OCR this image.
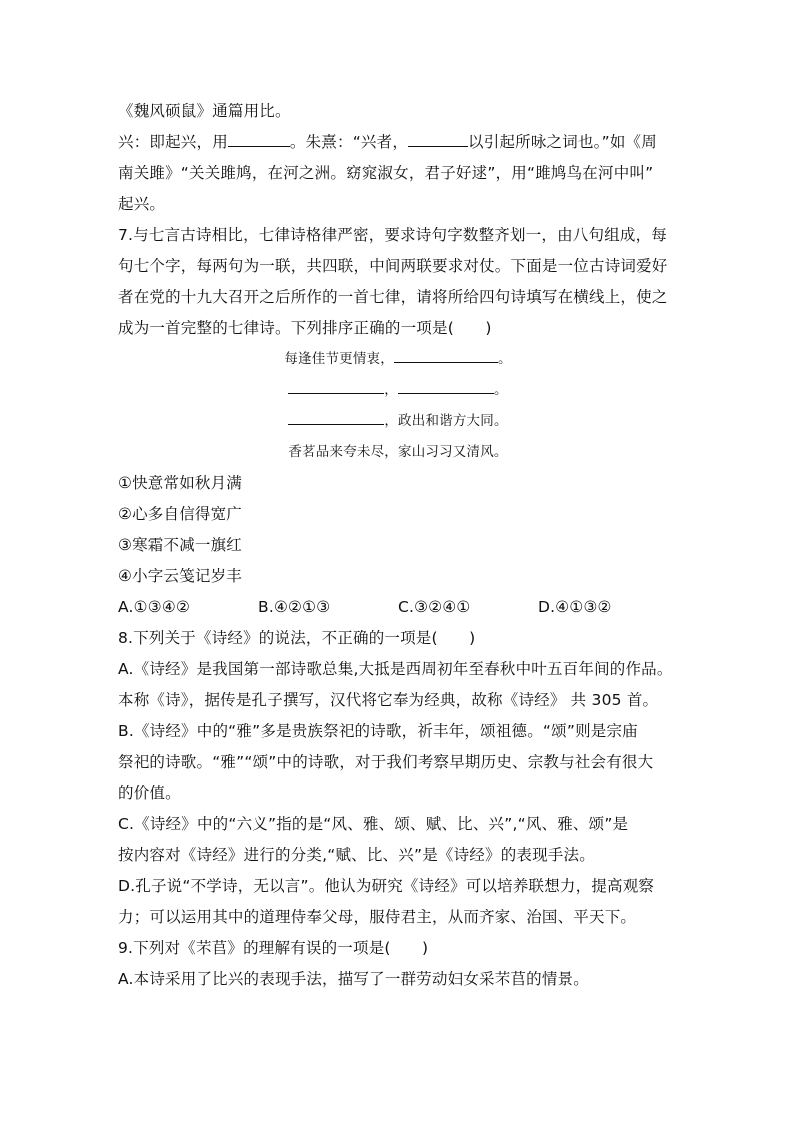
《魏风硕鼠》通篇用比。
兴：即起兴，用	。朱熹：“兴者，	以引起所咏之词也。”如《周
南关雎》“关关雎鸠，在河之洲。窈窕淑女，君子好逑”，用“雎鸠鸟在河中叫”
起兴。
7.与七言古诗相比，七律诗格律严密，要求诗句字数整齐划一，由八句组成，每
句七个字，每两句为一联，共四联，中间两联要求对仗。下面是一位古诗词爱好
者在党的十九大召开之后所作的一首七律，请将所给四句诗填写在横线上，使之
成为一首完整的七律诗。下列排序正确的一项是(　　)
每逢佳节更情衷，	。
，	。
，政出和谐方大同。
香茗品来夸未尽，家山习习又清风。
①快意常如秋月满
②心多自信得宽广
③寒霜不减一旗红
④小字云笺记岁丰
A.①③④②	B.④②①③	C.③②④①	D.④①③②
8.下列关于《诗经》的说法，不正确的一项是(　　)
A.《诗经》是我国第一部诗歌总集,大抵是西周初年至春秋中叶五百年间的作品。
本称《诗》，据传是孔子撰写，汉代将它奉为经典，故称《诗经》 共 305 首。
B.《诗经》中的“雅”多是贵族祭祀的诗歌，祈丰年，颂祖德。“颂”则是宗庙
祭祀的诗歌。“雅”“颂”中的诗歌，对于我们考察早期历史、宗教与社会有很大
的价值。
C.《诗经》中的“六义”指的是“风、雅、颂、赋、比、兴”,“风、雅、颂”是
按内容对《诗经》进行的分类,“赋、比、兴”是《诗经》的表现手法。
D.孔子说“不学诗，无以言”。他认为研究《诗经》可以培养联想力，提高观察
力；可以运用其中的道理侍奉父母，服侍君主，从而齐家、治国、平天下。
9.下列对《芣苢》的理解有误的一项是(　　)
A.本诗采用了比兴的表现手法，描写了一群劳动妇女采芣苢的情景。
